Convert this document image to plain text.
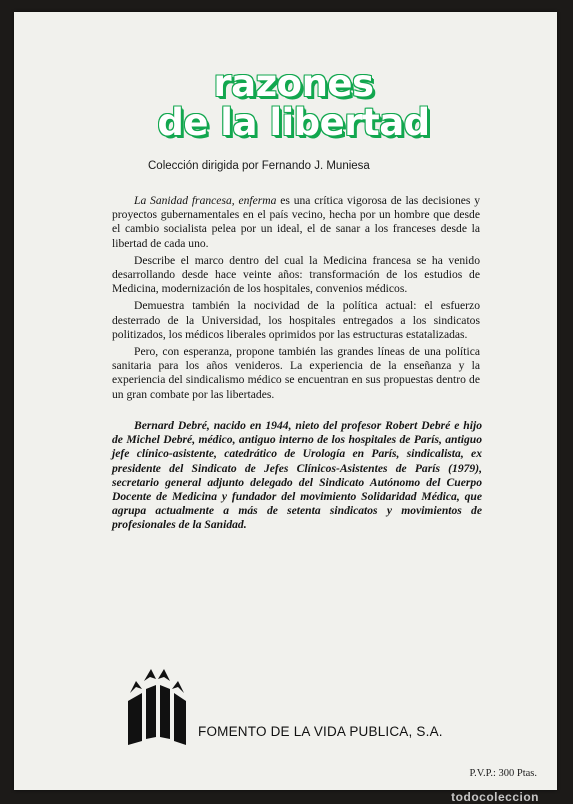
razones
de la libertad
Colección dirigida por Fernando J. Muniesa

La Sanidad francesa, enferma es una crítica vigorosa de las decisiones y proyectos gubernamentales en el país vecino, hecha por un hombre que desde el cambio socialista pelea por un ideal, el de sanar a los franceses desde la libertad de cada uno.

Describe el marco dentro del cual la Medicina francesa se ha venido desarrollando desde hace veinte años: transformación de los estudios de Medicina, modernización de los hospitales, convenios médicos.

Demuestra también la nocividad de la política actual: el esfuerzo desterrado de la Universidad, los hospitales entregados a los sindicatos politizados, los médicos liberales oprimidos por las estructuras estatalizadas.

Pero, con esperanza, propone también las grandes líneas de una política sanitaria para los años venideros. La experiencia de la enseñanza y la experiencia del sindicalismo médico se encuentran en sus propuestas dentro de un gran combate por las libertades.

Bernard Debré, nacido en 1944, nieto del profesor Robert Debré e hijo de Michel Debré, médico, antiguo interno de los hospitales de París, antiguo jefe clínico-asistente, catedrático de Urología en París, sindicalista, ex presidente del Sindicato de Jefes Clínicos-Asistentes de París (1979), secretario general adjunto delegado del Sindicato Autónomo del Cuerpo Docente de Medicina y fundador del movimiento Solidaridad Médica, que agrupa actualmente a más de setenta sindicatos y movimientos de profesionales de la Sanidad.
FOMENTO DE LA VIDA PUBLICA, S.A.
P.V.P.: 300 Ptas.
todocoleccion
